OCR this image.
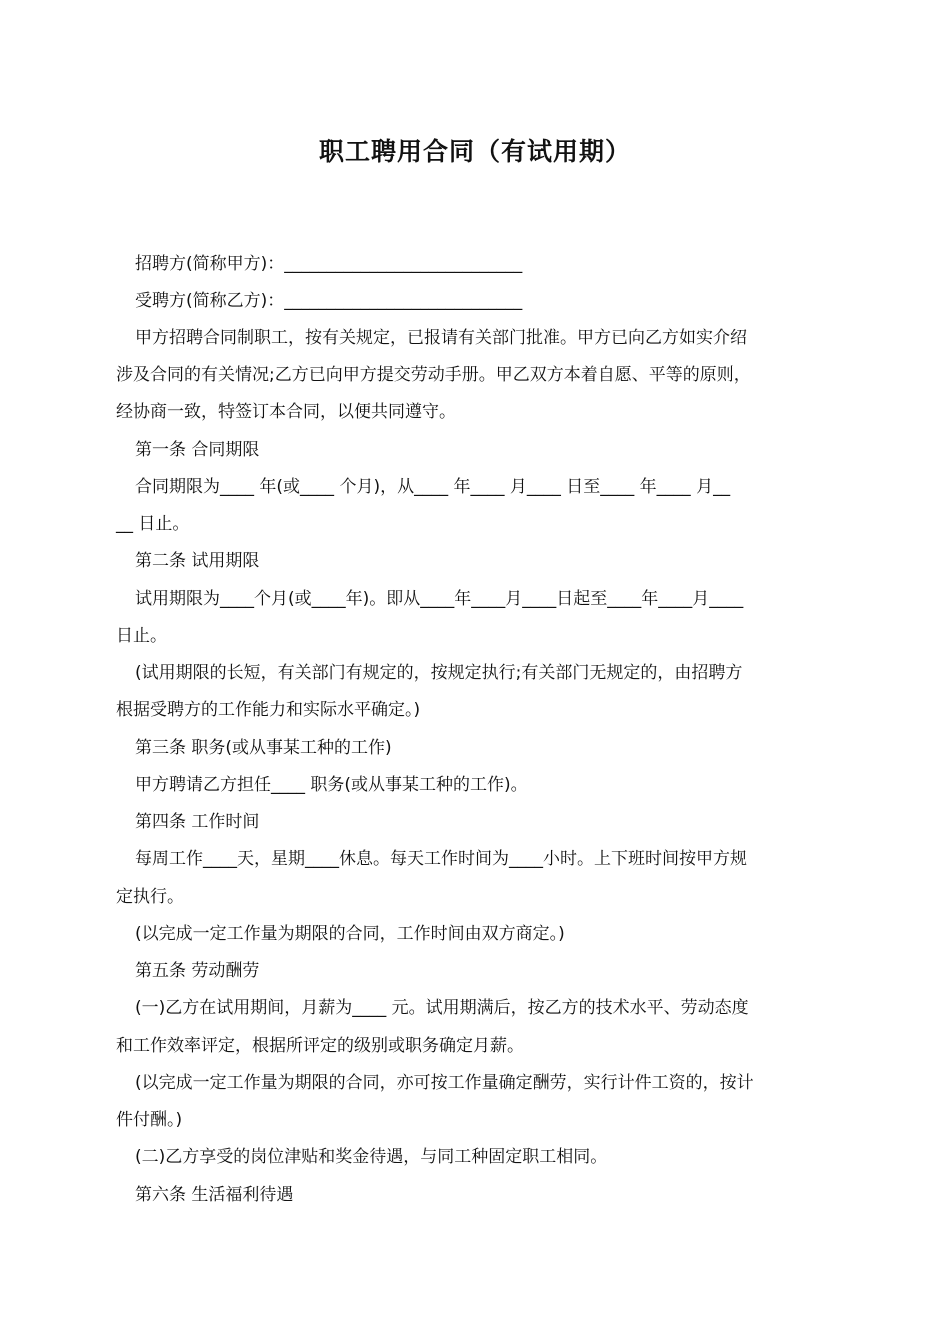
职工聘用合同（有试用期）
招聘方(简称甲方)：____________________________
受聘方(简称乙方)：____________________________
甲方招聘合同制职工，按有关规定，已报请有关部门批准。甲方已向乙方如实介绍
涉及合同的有关情况;乙方已向甲方提交劳动手册。甲乙双方本着自愿、平等的原则，
经协商一致，特签订本合同，以便共同遵守。
第一条 合同期限
合同期限为____ 年(或____ 个月)，从____ 年____ 月____ 日至____ 年____ 月__
__ 日止。
第二条 试用期限
试用期限为____个月(或____年)。即从____年____月____日起至____年____月____
日止。
(试用期限的长短，有关部门有规定的，按规定执行;有关部门无规定的，由招聘方
根据受聘方的工作能力和实际水平确定。)
第三条 职务(或从事某工种的工作)
甲方聘请乙方担任____ 职务(或从事某工种的工作)。
第四条 工作时间
每周工作____天，星期____休息。每天工作时间为____小时。上下班时间按甲方规
定执行。
(以完成一定工作量为期限的合同，工作时间由双方商定。)
第五条 劳动酬劳
(一)乙方在试用期间，月薪为____ 元。试用期满后，按乙方的技术水平、劳动态度
和工作效率评定，根据所评定的级别或职务确定月薪。
(以完成一定工作量为期限的合同，亦可按工作量确定酬劳，实行计件工资的，按计
件付酬。)
(二)乙方享受的岗位津贴和奖金待遇，与同工种固定职工相同。
第六条 生活福利待遇
